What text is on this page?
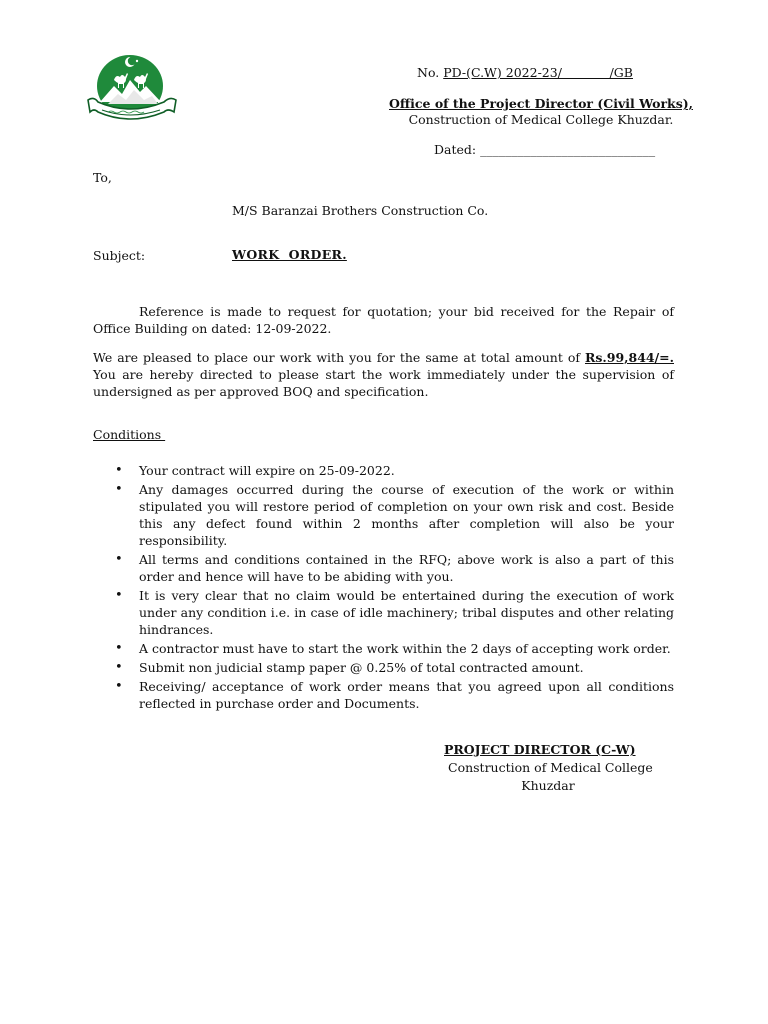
No. PD-(C.W) 2022-23/            /GB
Office of the Project Director (Civil Works),
Construction of Medical College Khuzdar.
Dated: ____________________________
To,
M/S Baranzai Brothers Construction Co.
Subject:	WORK  ORDER.
Reference is made to request for quotation; your bid received for the Repair of Office Building on dated: 12-09-2022.
We are pleased to place our work with you for the same at total amount of Rs.99,844/=. You are hereby directed to please start the work immediately under the supervision of undersigned as per approved BOQ and specification.
Conditions
• Your contract will expire on 25-09-2022.
• Any damages occurred during the course of execution of the work or within stipulated you will restore period of completion on your own risk and cost. Beside this any defect found within 2 months after completion will also be your responsibility.
• All terms and conditions contained in the RFQ; above work is also a part of this order and hence will have to be abiding with you.
• It is very clear that no claim would be entertained during the execution of work under any condition i.e. in case of idle machinery; tribal disputes and other relating hindrances.
• A contractor must have to start the work within the 2 days of accepting work order.
• Submit non judicial stamp paper @ 0.25% of total contracted amount.
• Receiving/ acceptance of work order means that you agreed upon all conditions reflected in purchase order and Documents.
PROJECT DIRECTOR (C-W)
Construction of Medical College
Khuzdar
